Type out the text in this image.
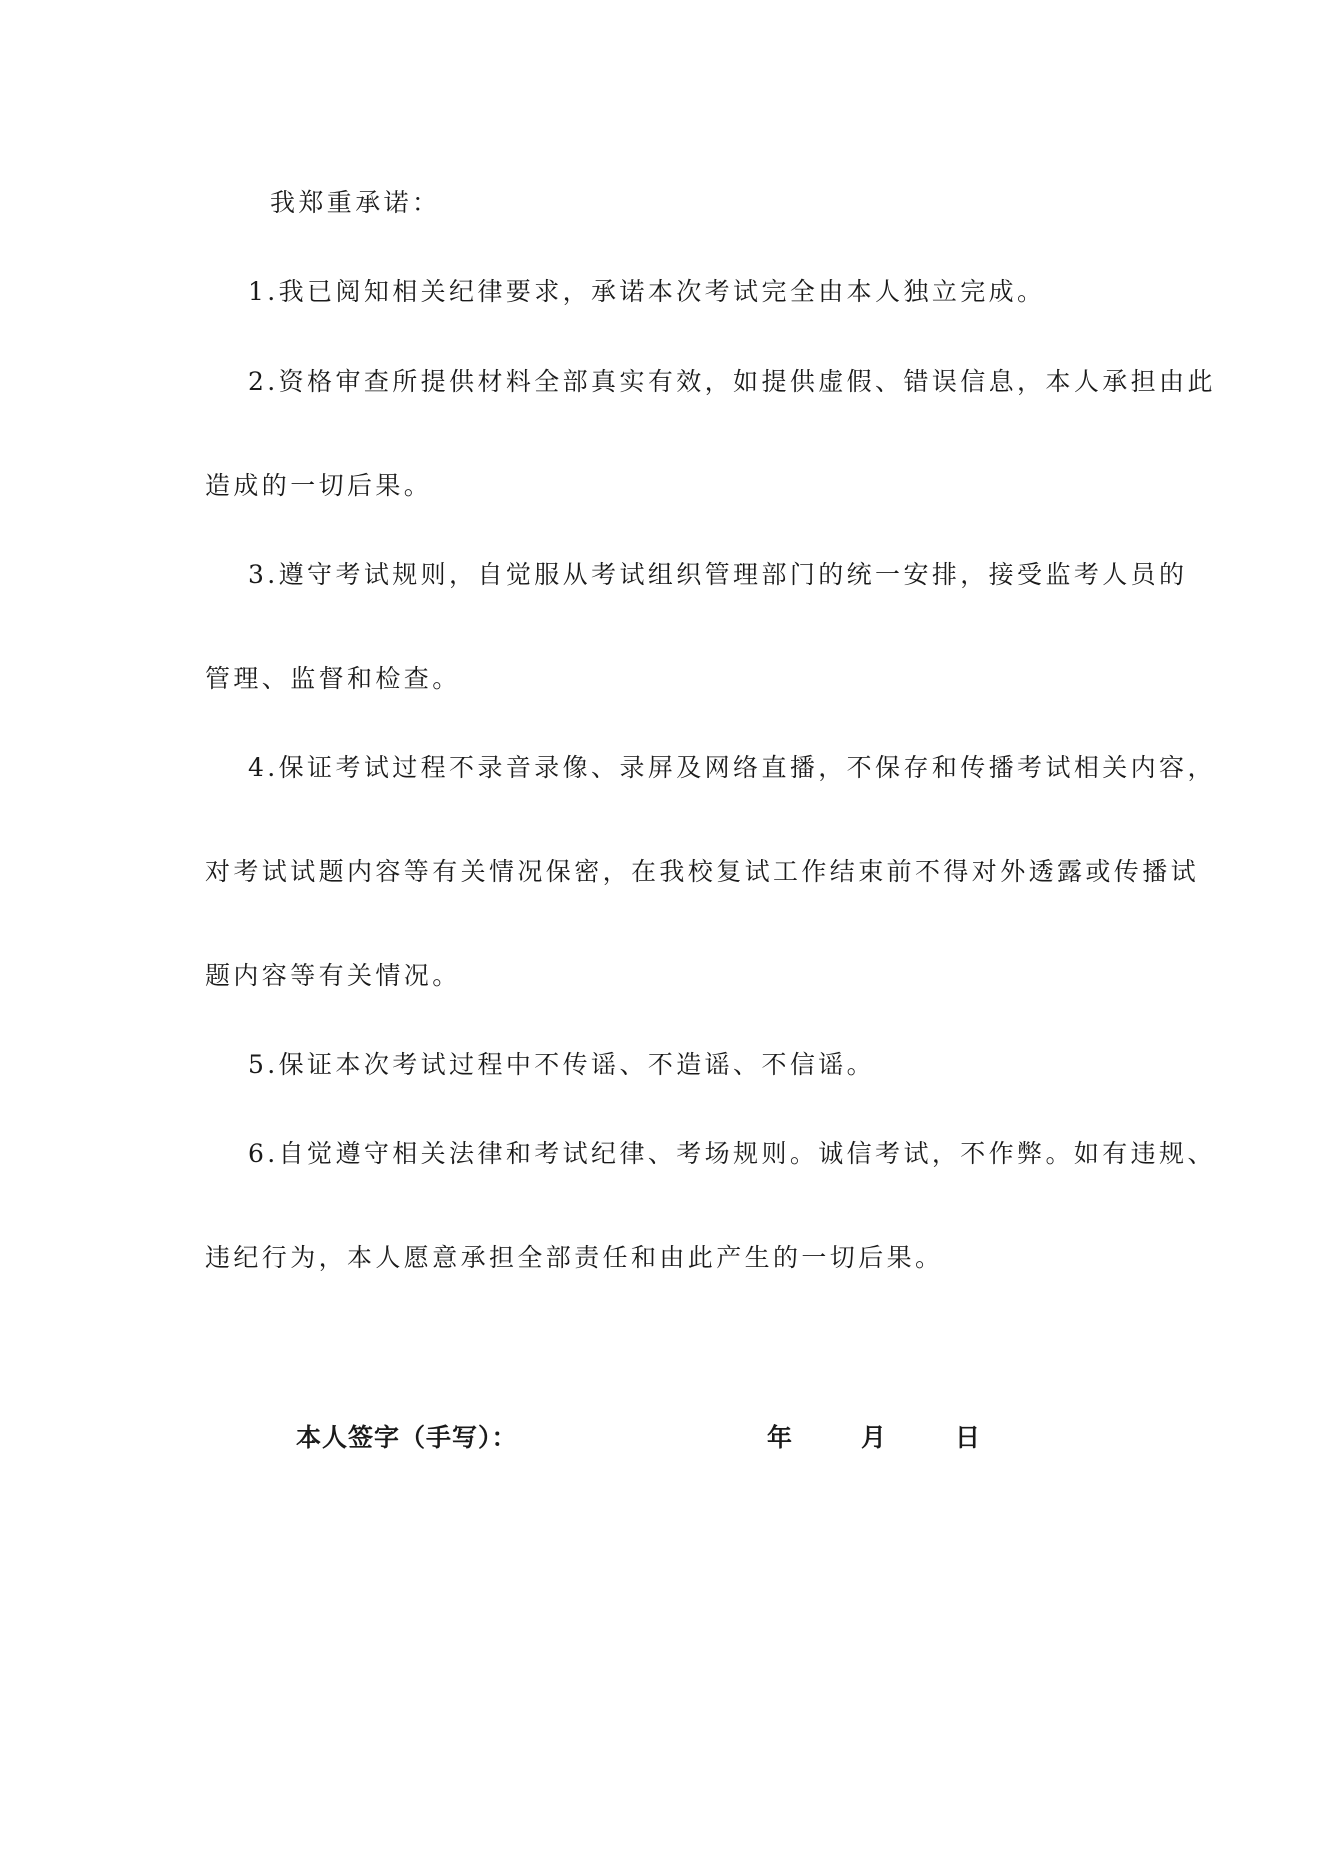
我郑重承诺：
1.我已阅知相关纪律要求，承诺本次考试完全由本人独立完成。
2.资格审查所提供材料全部真实有效，如提供虚假、错误信息，本人承担由此
造成的一切后果。
3.遵守考试规则，自觉服从考试组织管理部门的统一安排，接受监考人员的
管理、监督和检查。
4.保证考试过程不录音录像、录屏及网络直播，不保存和传播考试相关内容，
对考试试题内容等有关情况保密，在我校复试工作结束前不得对外透露或传播试
题内容等有关情况。
5.保证本次考试过程中不传谣、不造谣、不信谣。
6.自觉遵守相关法律和考试纪律、考场规则。诚信考试，不作弊。如有违规、
违纪行为，本人愿意承担全部责任和由此产生的一切后果。
本人签字（手写）：	年	月	日
